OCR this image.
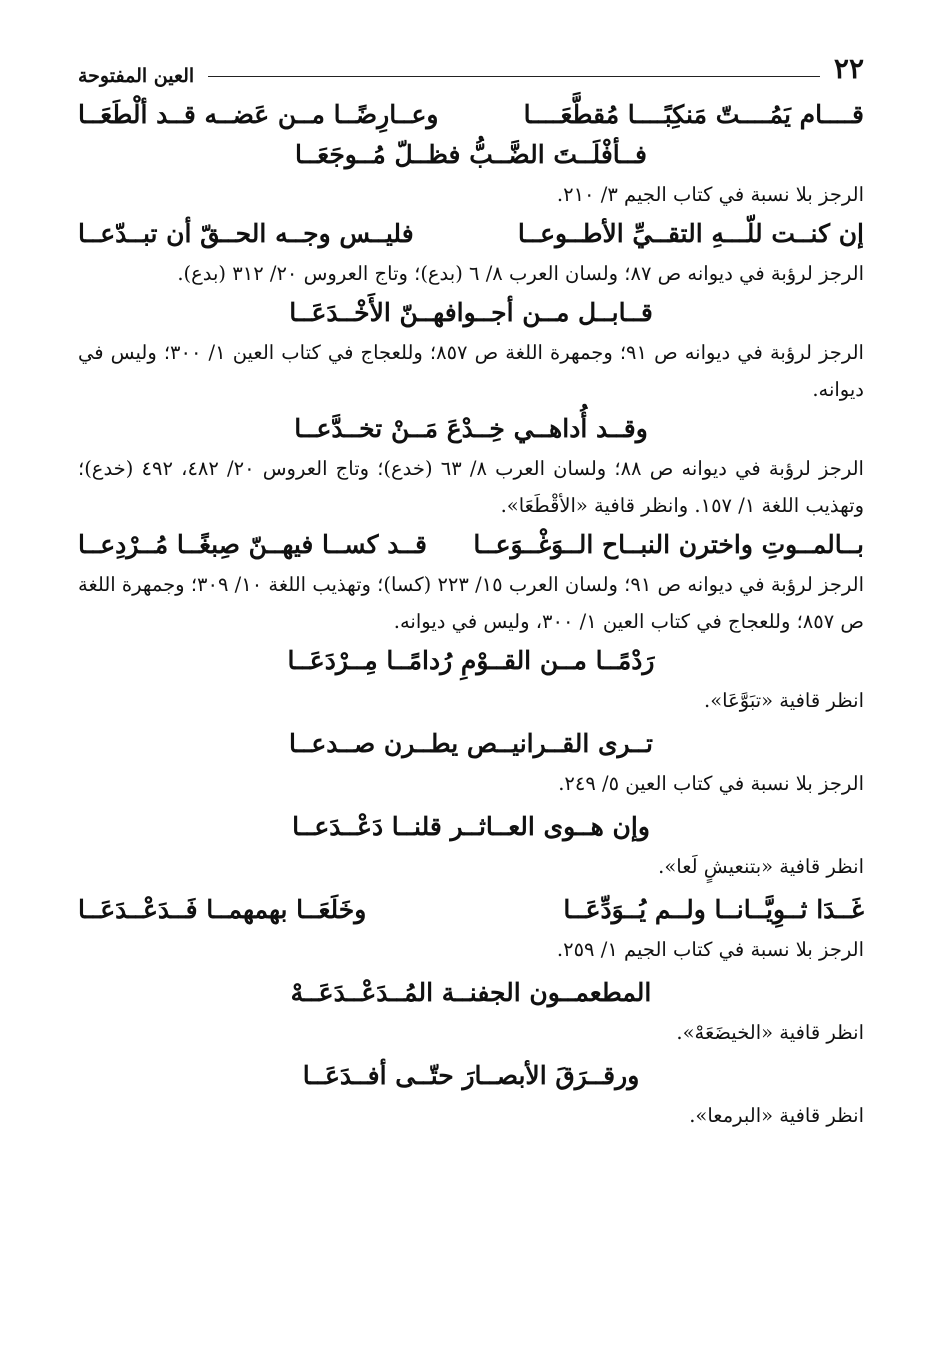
٢٢
العين المفتوحة
قــــام يَمُــــتّ مَنكِبًــــا مُقطَّعَــــا
وعــارِضًــا مــن عَضــه قــد ألْطَعَــا
فــأفْلَــتَ الضَّــبُّ فظــلّ مُــوجَعَــا
الرجز بلا نسبة في كتاب الجيم ٣/ ٢١٠.
إن كنــت للّـــهِ التقــيِّ الأطــوعــا
فليــس وجــه الحــقّ أن تبــدّعــا
الرجز لرؤبة في ديوانه ص ٨٧؛ ولسان العرب ٨/ ٦ (بدع)؛ وتاج العروس ٢٠/ ٣١٢ (بدع).
قــابــل مــن أجــوافهــنّ الأَخْــدَعَــا
الرجز لرؤبة في ديوانه ص ٩١؛ وجمهرة اللغة ص ٨٥٧؛ وللعجاج في كتاب العين ١/ ٣٠٠؛ وليس في ديوانه.
وقــد أُداهــي خِــدْعَ مَــنْ تخــدَّعــا
الرجز لرؤبة في ديوانه ص ٨٨؛ ولسان العرب ٨/ ٦٣ (خدع)؛ وتاج العروس ٢٠/ ٤٨٢، ٤٩٢ (خدع)؛ وتهذيب اللغة ١/ ١٥٧. وانظر قافية «الأقْطَعَا».
بــالمــوتِ واخترن النبــاح الــوَغْــوَعــا
قــد كســا فيهــنّ صِبغًــا مُــرْدِعــا
الرجز لرؤبة في ديوانه ص ٩١؛ ولسان العرب ١٥/ ٢٢٣ (كسا)؛ وتهذيب اللغة ١٠/ ٣٠٩؛ وجمهرة اللغة ص ٨٥٧؛ وللعجاج في كتاب العين ١/ ٣٠٠، وليس في ديوانه.
رَدْمًــا مــن القــوْمِ رُدامًــا مِــرْدَعَــا
انظر قافية «تبَوَّعَا».
تــرى القــرانيــص يطــرن صــدعــا
الرجز بلا نسبة في كتاب العين ٥/ ٢٤٩.
وإن هــوى العــاثــر قلنــا دَعْــدَعــا
انظر قافية «بتنعيشٍ لَعا».
غَــدَا ثــوِيَّــانــا ولــم يُــوَدِّعَــا
وخَلَعَــا بهمهمــا فَــدَعْــدَعَــا
الرجز بلا نسبة في كتاب الجيم ١/ ٢٥٩.
المطعمــون الجفنــة المُــدَعْــدَعَــهْ
انظر قافية «الخيضَعَهْ».
ورقــرَقَ الأبصــارَ حتّــى أفــدَعَــا
انظر قافية «البرمعا».
